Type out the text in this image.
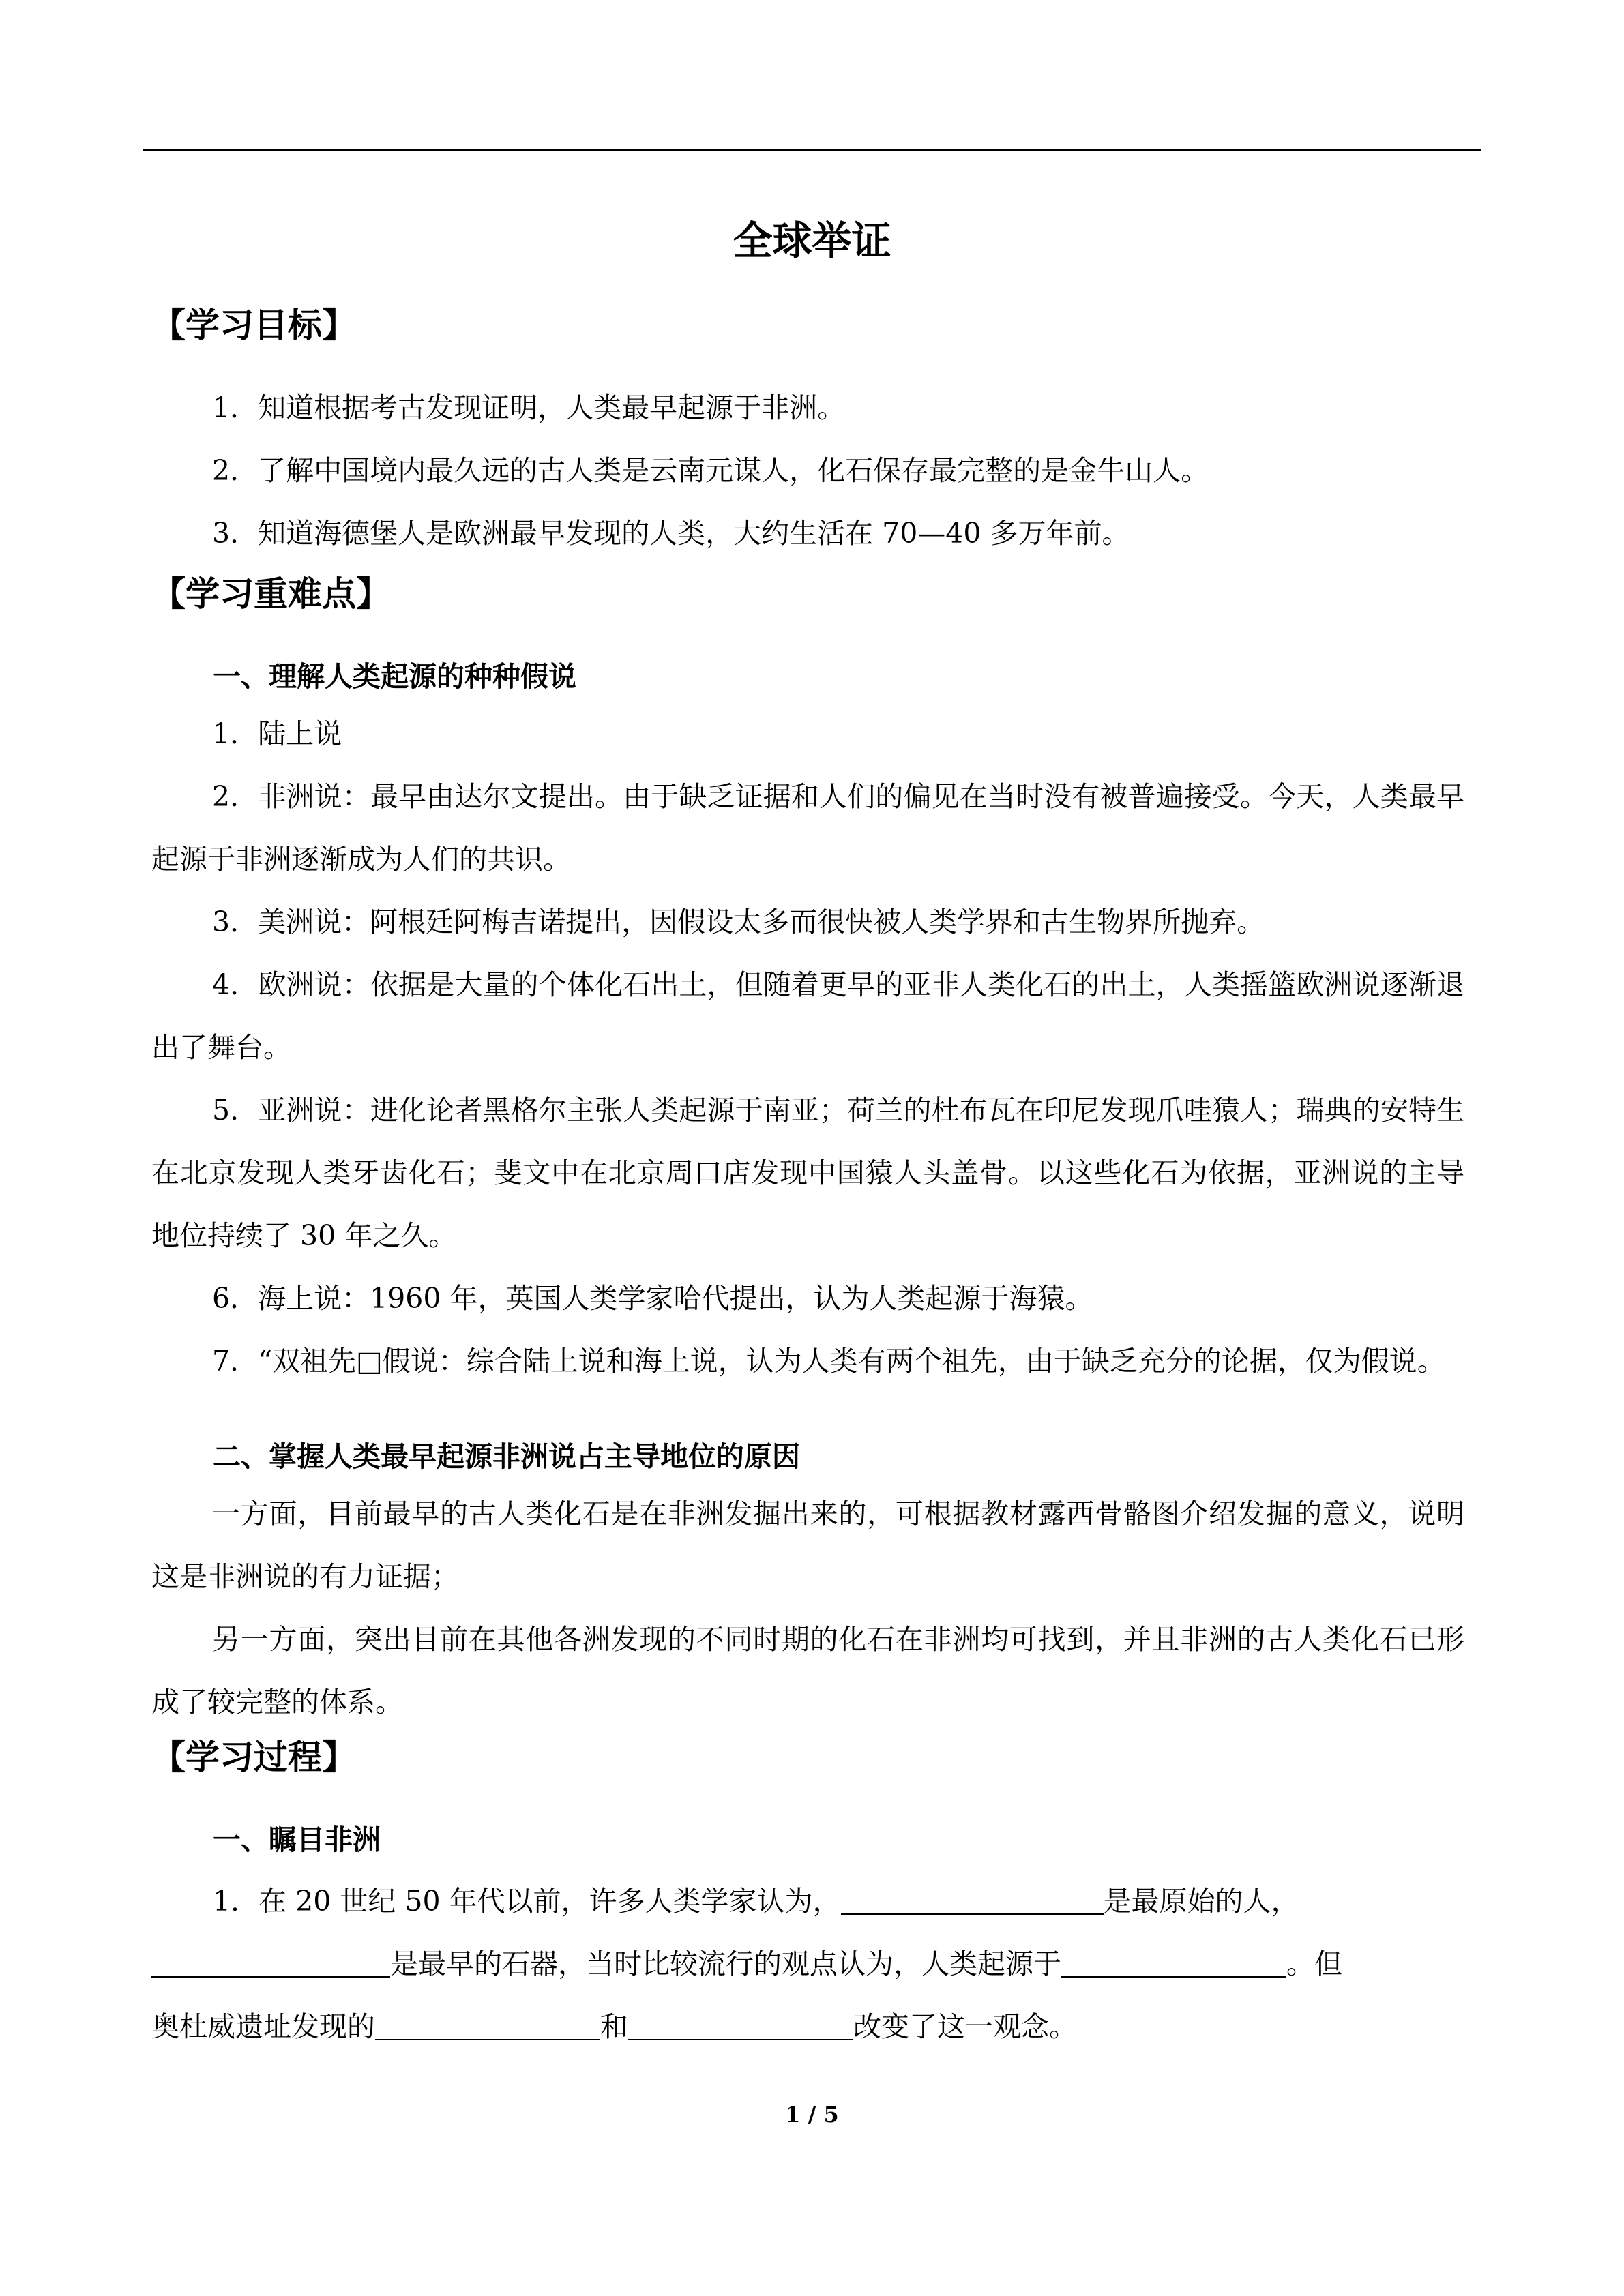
全球举证
【学习目标】
1．知道根据考古发现证明，人类最早起源于非洲。
2．了解中国境内最久远的古人类是云南元谋人，化石保存最完整的是金牛山人。
3．知道海德堡人是欧洲最早发现的人类，大约生活在 70—40 多万年前。
【学习重难点】
一、理解人类起源的种种假说
1．陆上说
2．非洲说：最早由达尔文提出。由于缺乏证据和人们的偏见在当时没有被普遍接受。今天，人类最早起源于非洲逐渐成为人们的共识。
3．美洲说：阿根廷阿梅吉诺提出，因假设太多而很快被人类学界和古生物界所抛弃。
4．欧洲说：依据是大量的个体化石出土，但随着更早的亚非人类化石的出土，人类摇篮欧洲说逐渐退出了舞台。
5．亚洲说：进化论者黑格尔主张人类起源于南亚；荷兰的杜布瓦在印尼发现爪哇猿人；瑞典的安特生在北京发现人类牙齿化石；斐文中在北京周口店发现中国猿人头盖骨。以这些化石为依据，亚洲说的主导地位持续了 30 年之久。
6．海上说：1960 年，英国人类学家哈代提出，认为人类起源于海猿。
7．“双祖先□假说：综合陆上说和海上说，认为人类有两个祖先，由于缺乏充分的论据，仅为假说。
二、掌握人类最早起源非洲说占主导地位的原因
一方面，目前最早的古人类化石是在非洲发掘出来的，可根据教材露西骨骼图介绍发掘的意义，说明这是非洲说的有力证据；
另一方面，突出目前在其他各洲发现的不同时期的化石在非洲均可找到，并且非洲的古人类化石已形成了较完整的体系。
【学习过程】
一、瞩目非洲
1．在 20 世纪 50 年代以前，许多人类学家认为，	是最原始的人，
是最早的石器，当时比较流行的观点认为，人类起源于	。但
奥杜威遗址发现的	和	改变了这一观念。
1 / 5
